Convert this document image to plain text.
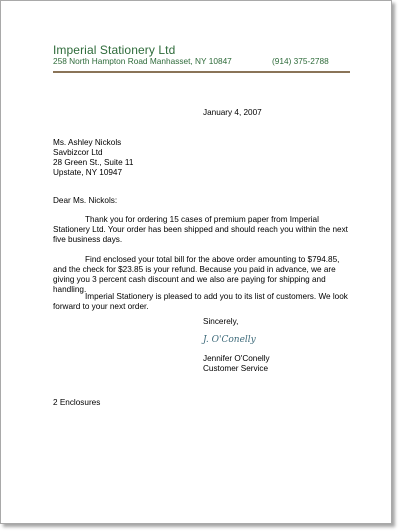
Imperial Stationery Ltd
258 North Hampton Road Manhasset, NY 10847	(914) 375-2788
January 4, 2007
Ms. Ashley Nickols
Savbizcor Ltd
28 Green St., Suite 11
Upstate, NY 10947
Dear Ms. Nickols:

Thank you for ordering 15 cases of premium paper from Imperial Stationery Ltd. Your order has been shipped and should reach you within the next five business days.

Find enclosed your total bill for the above order amounting to $794.85, and the check for $23.85 is your refund. Because you paid in advance, we are giving you 3 percent cash discount and we also are paying for shipping and handling.

Imperial Stationery is pleased to add you to its list of customers. We look forward to your next order.

Sincerely,
J. O'Conelly
Jennifer O'Conelly
Customer Service
2 Enclosures
